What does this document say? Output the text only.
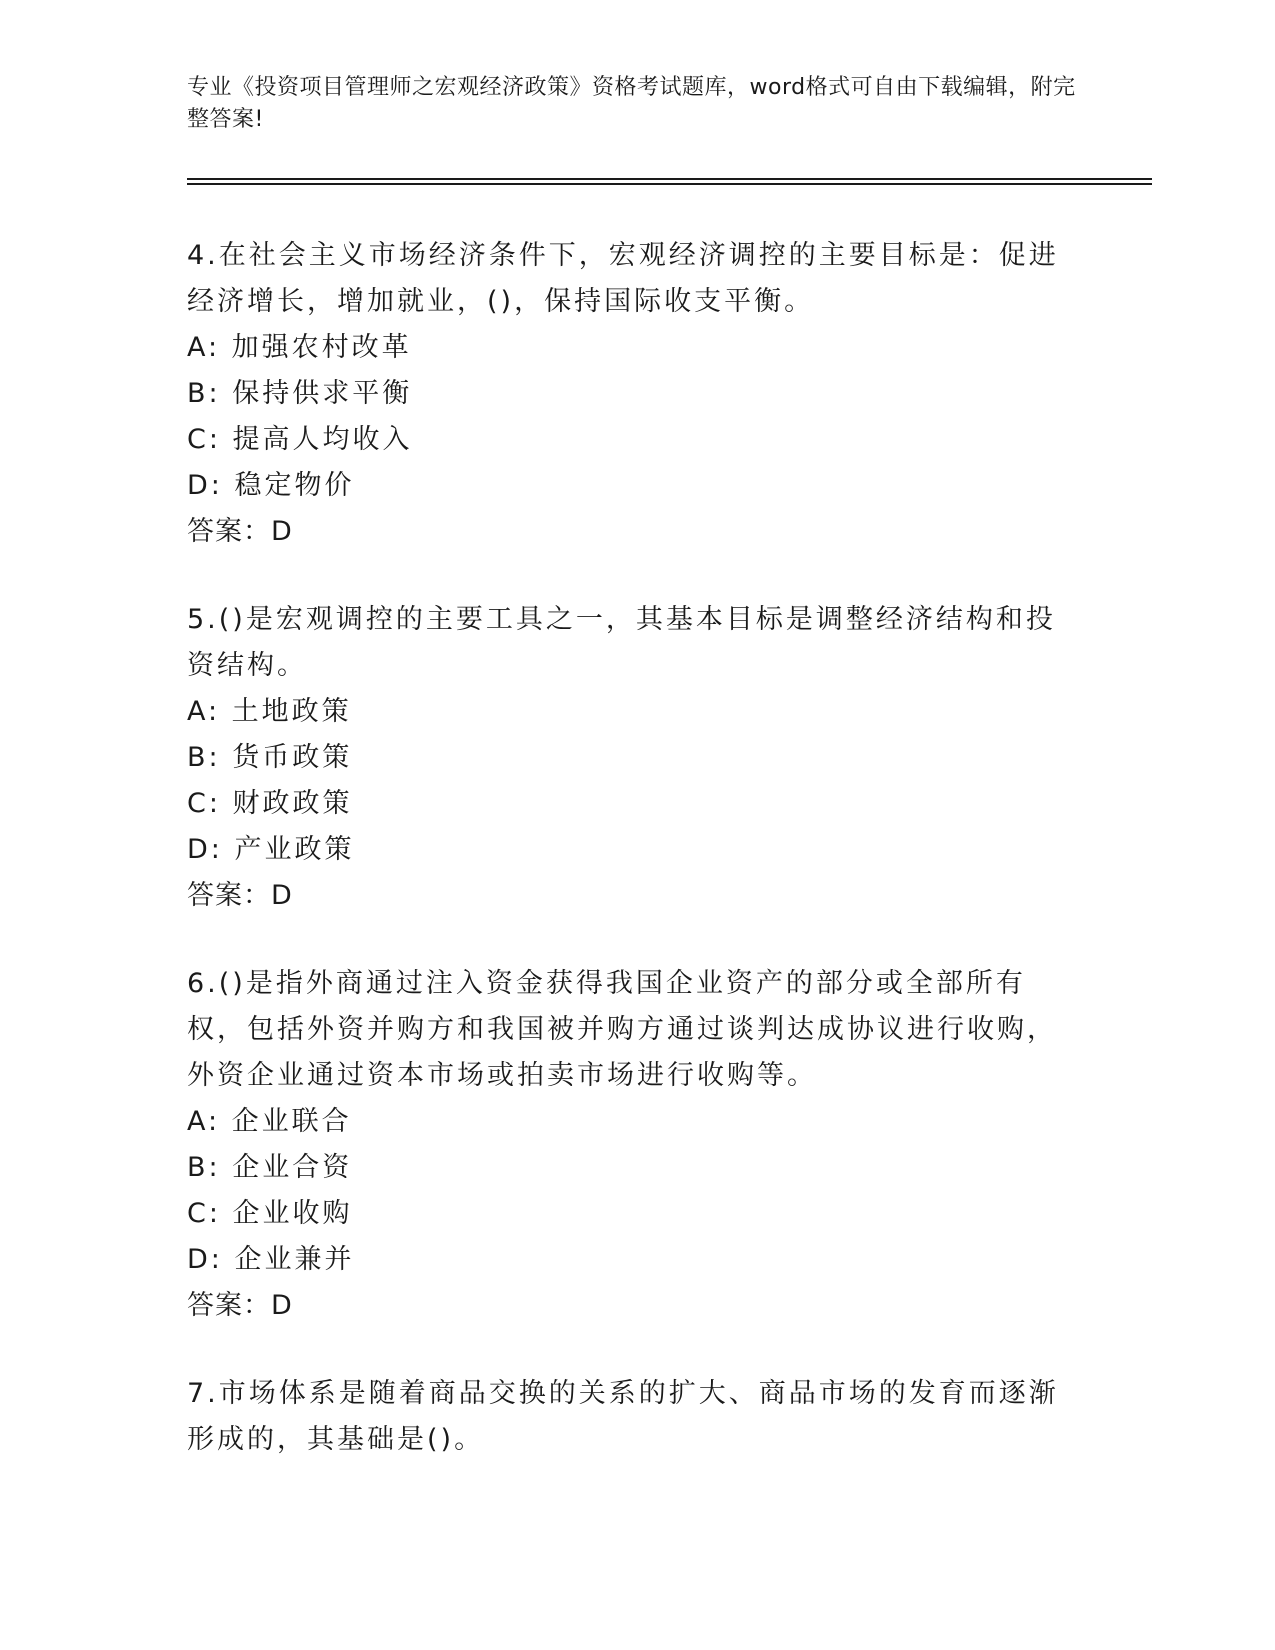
专业《投资项目管理师之宏观经济政策》资格考试题库，word格式可自由下载编辑，附完整答案!

4.在社会主义市场经济条件下，宏观经济调控的主要目标是：促进经济增长，增加就业，()，保持国际收支平衡。

A: 加强农村改革

B: 保持供求平衡

C: 提高人均收入

D: 稳定物价

答案：D

5.()是宏观调控的主要工具之一，其基本目标是调整经济结构和投资结构。

A: 土地政策

B: 货币政策

C: 财政政策

D: 产业政策

答案：D

6.()是指外商通过注入资金获得我国企业资产的部分或全部所有权，包括外资并购方和我国被并购方通过谈判达成协议进行收购，外资企业通过资本市场或拍卖市场进行收购等。

A: 企业联合

B: 企业合资

C: 企业收购

D: 企业兼并

答案：D

7.市场体系是随着商品交换的关系的扩大、商品市场的发育而逐渐形成的，其基础是()。
